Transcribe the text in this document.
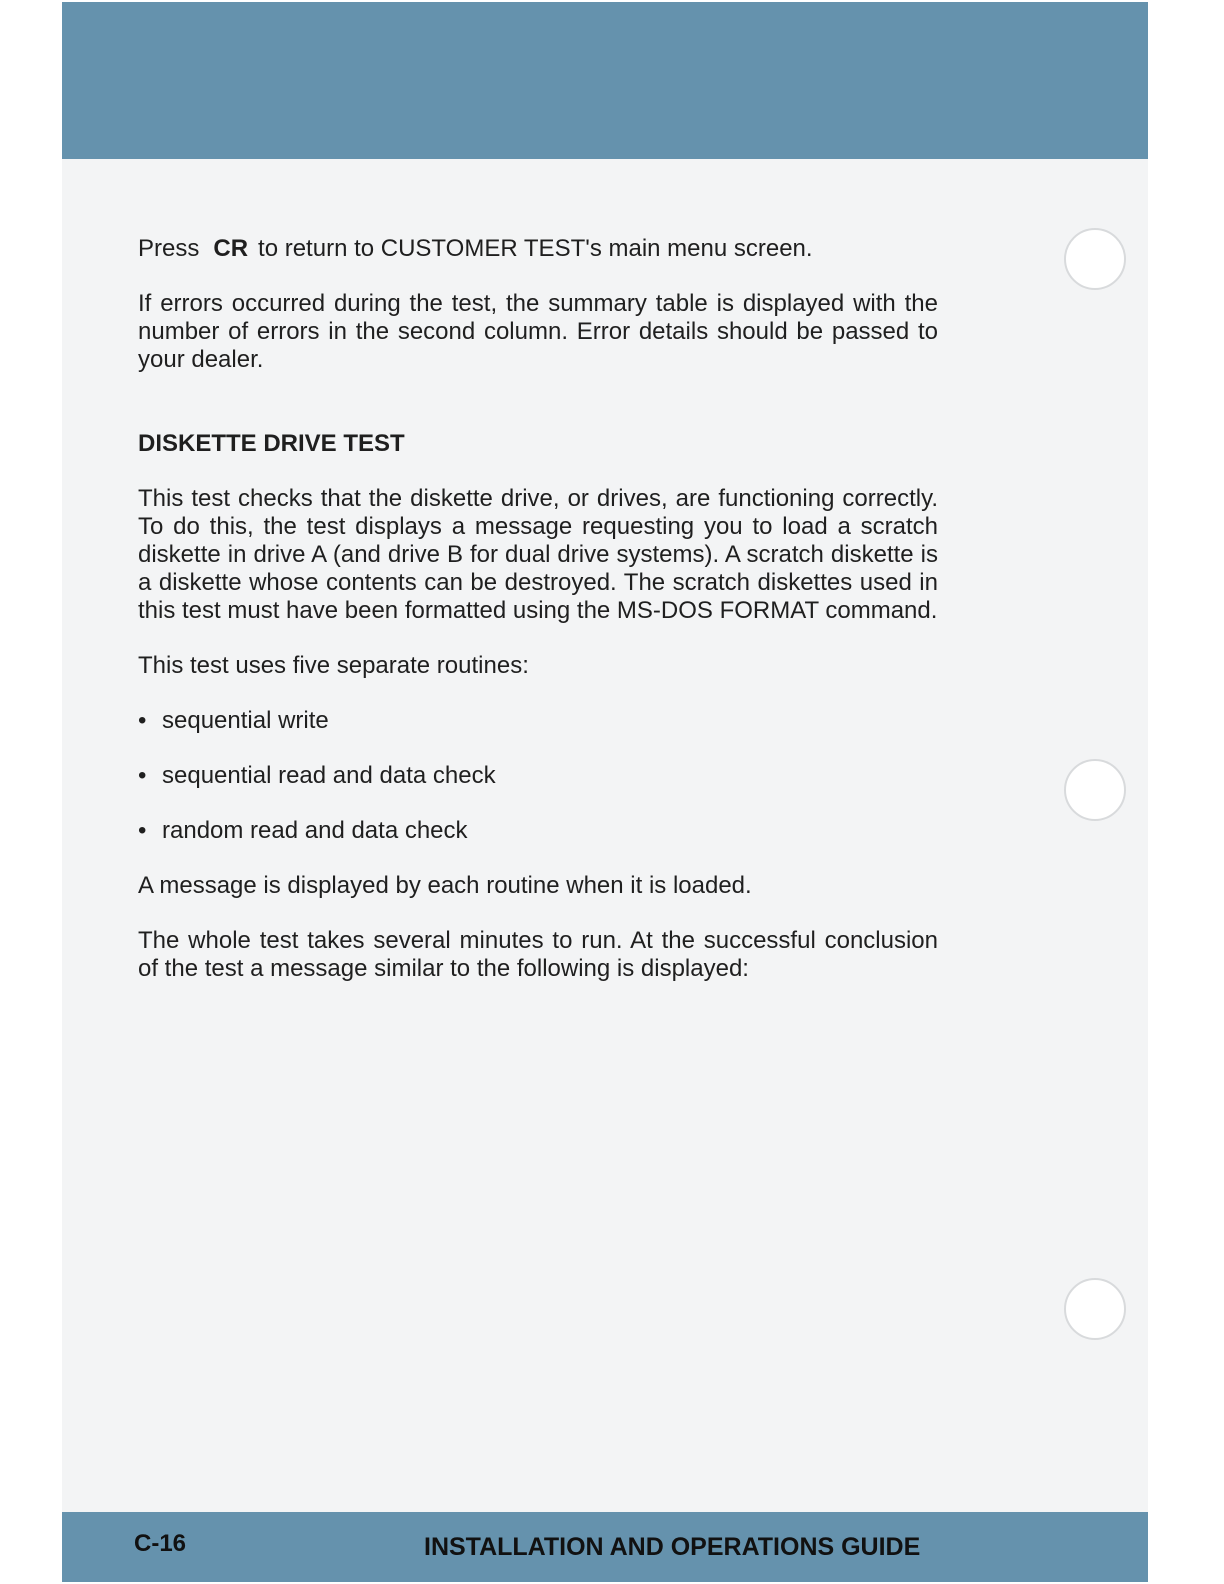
Press CR to return to CUSTOMER TEST's main menu screen.

If errors occurred during the test, the summary table is displayed with the number of errors in the second column. Error details should be passed to your dealer.

DISKETTE DRIVE TEST

This test checks that the diskette drive, or drives, are functioning correctly. To do this, the test displays a message requesting you to load a scratch diskette in drive A (and drive B for dual drive systems). A scratch diskette is a diskette whose contents can be destroyed. The scratch diskettes used in this test must have been formatted using the MS-DOS FORMAT command.

This test uses five separate routines:

• sequential write
• sequential read and data check
• random read and data check

A message is displayed by each routine when it is loaded.

The whole test takes several minutes to run. At the successful conclusion of the test a message similar to the following is displayed:

C-16	INSTALLATION AND OPERATIONS GUIDE
